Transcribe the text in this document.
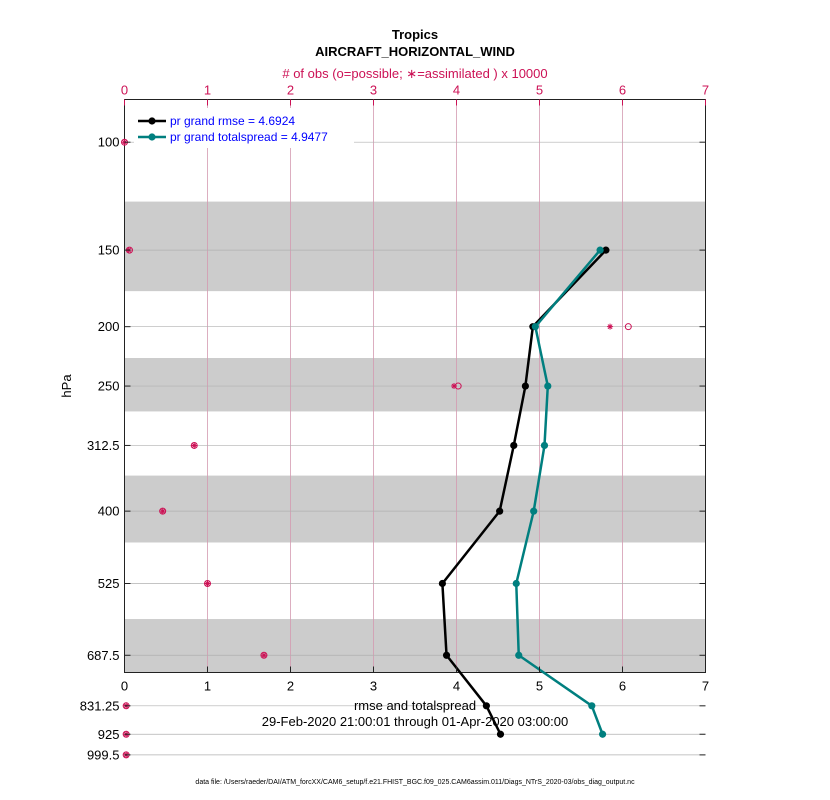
Tropics
AIRCRAFT_HORIZONTAL_WIND
# of obs (o=possible; ∗=assimilated ) x 10000
0	1	2	3	4	5	6	7
0	1	2	3	4	5	6	7
100
150
200
250
312.5
400
525
687.5
831.25
925
999.5
pr grand rmse = 4.6924
pr grand totalspread = 4.9477
rmse and totalspread
29-Feb-2020 21:00:01 through 01-Apr-2020 03:00:00
hPa
data file: /Users/raeder/DAI/ATM_forcXX/CAM6_setup/f.e21.FHIST_BGC.f09_025.CAM6assim.011/Diags_NTrS_2020-03/obs_diag_output.nc
